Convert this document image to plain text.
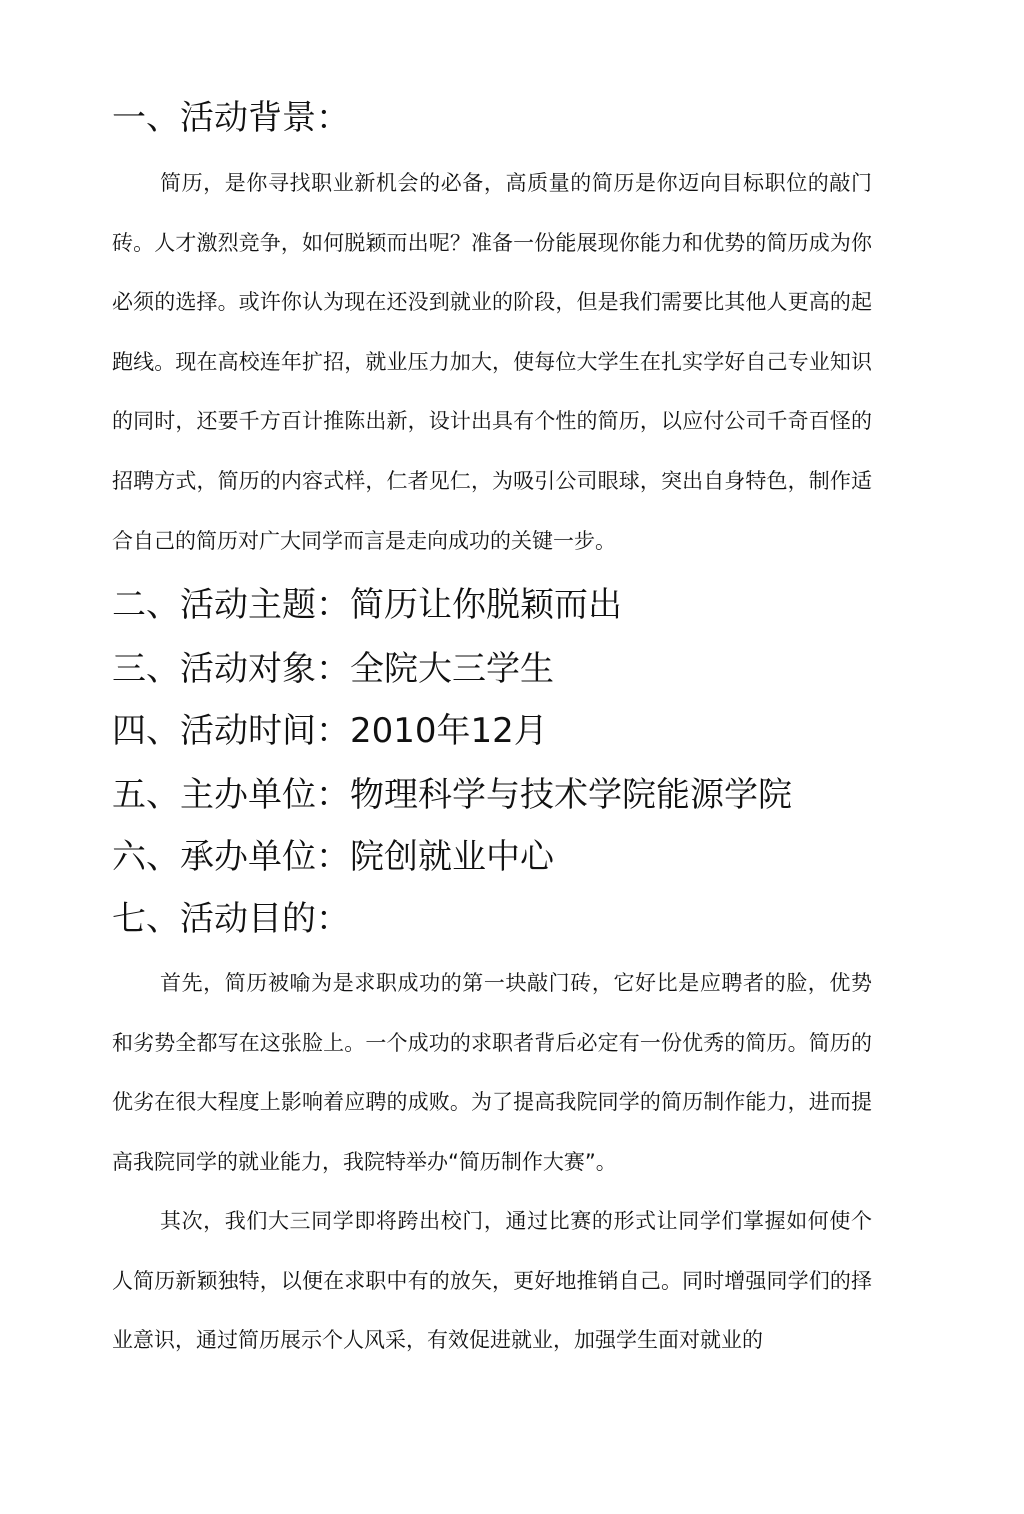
一、活动背景：
简历，是你寻找职业新机会的必备，高质量的简历是你迈向目标职位的敲门砖。人才激烈竞争，如何脱颖而出呢？准备一份能展现你能力和优势的简历成为你必须的选择。或许你认为现在还没到就业的阶段，但是我们需要比其他人更高的起跑线。现在高校连年扩招，就业压力加大，使每位大学生在扎实学好自己专业知识的同时，还要千方百计推陈出新，设计出具有个性的简历，以应付公司千奇百怪的招聘方式，简历的内容式样，仁者见仁，为吸引公司眼球，突出自身特色，制作适合自己的简历对广大同学而言是走向成功的关键一步。
二、活动主题：简历让你脱颖而出
三、活动对象：全院大三学生
四、活动时间：2010年12月
五、主办单位：物理科学与技术学院能源学院
六、承办单位：院创就业中心
七、活动目的：
首先，简历被喻为是求职成功的第一块敲门砖，它好比是应聘者的脸，优势和劣势全都写在这张脸上。一个成功的求职者背后必定有一份优秀的简历。简历的优劣在很大程度上影响着应聘的成败。为了提高我院同学的简历制作能力，进而提高我院同学的就业能力，我院特举办“简历制作大赛”。
其次，我们大三同学即将跨出校门，通过比赛的形式让同学们掌握如何使个人简历新颖独特，以便在求职中有的放矢，更好地推销自己。同时增强同学们的择业意识，通过简历展示个人风采，有效促进就业，加强学生面对就业的
